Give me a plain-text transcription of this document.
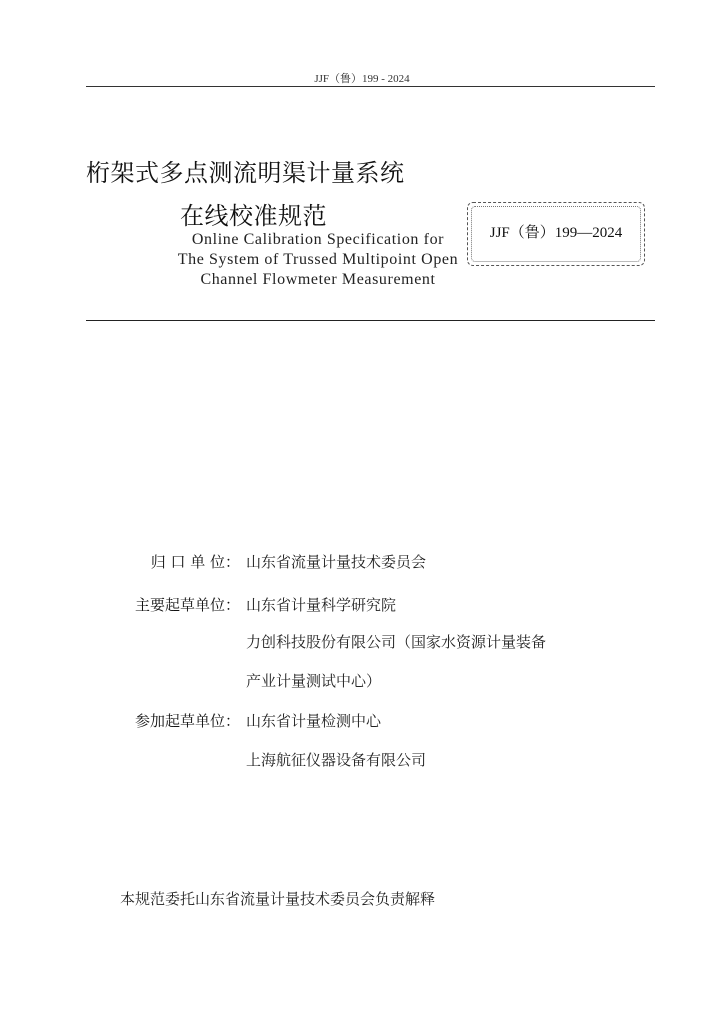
JJF（鲁）199 - 2024
桁架式多点测流明渠计量系统
在线校准规范
Online Calibration Specification for
The System of Trussed Multipoint Open
Channel Flowmeter Measurement
JJF（鲁）199—2024
归 口 单 位： 山东省流量计量技术委员会
主要起草单位： 山东省计量科学研究院
力创科技股份有限公司（国家水资源计量装备
产业计量测试中心）
参加起草单位： 山东省计量检测中心
上海航征仪器设备有限公司
本规范委托山东省流量计量技术委员会负责解释
